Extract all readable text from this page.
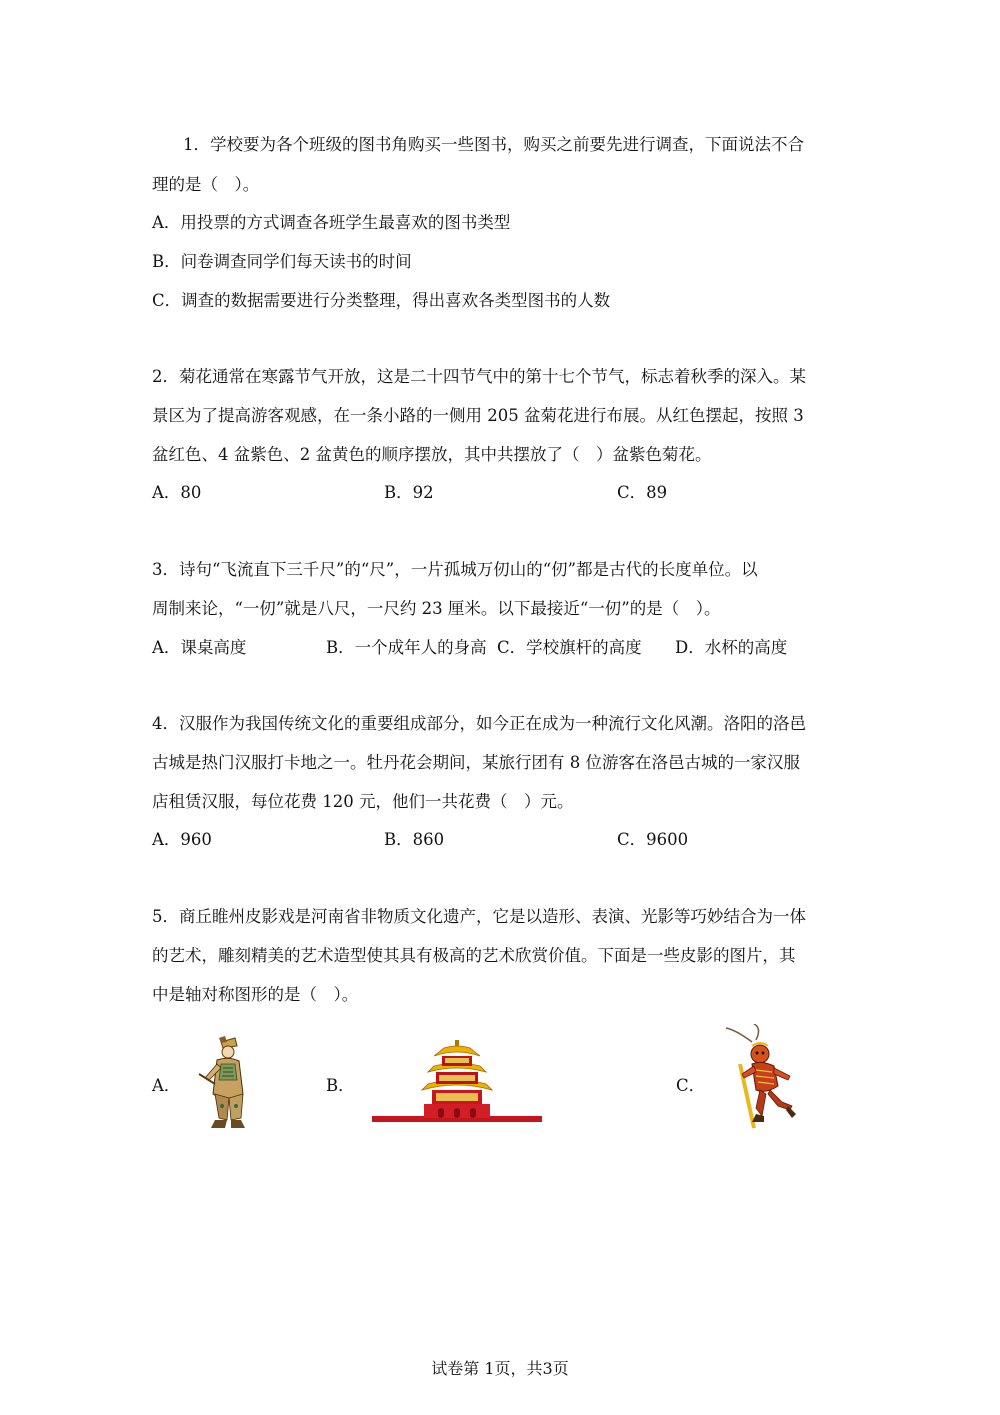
1．学校要为各个班级的图书角购买一些图书，购买之前要先进行调查，下面说法不合
理的是（　）。
A．用投票的方式调查各班学生最喜欢的图书类型
B．问卷调查同学们每天读书的时间
C．调查的数据需要进行分类整理，得出喜欢各类型图书的人数
2．菊花通常在寒露节气开放，这是二十四节气中的第十七个节气，标志着秋季的深入。某
景区为了提高游客观感，在一条小路的一侧用 205 盆菊花进行布展。从红色摆起，按照 3
盆红色、4 盆紫色、2 盆黄色的顺序摆放，其中共摆放了（　）盆紫色菊花。
A．80	B．92	C．89
3．诗句“飞流直下三千尺”的“尺”，一片孤城万仞山的“仞”都是古代的长度单位。以
周制来论，“一仞”就是八尺，一尺约 23 厘米。以下最接近“一仞”的是（　）。
A．课桌高度	B．一个成年人的身高 C．学校旗杆的高度 D．水杯的高度
4．汉服作为我国传统文化的重要组成部分，如今正在成为一种流行文化风潮。洛阳的洛邑
古城是热门汉服打卡地之一。牡丹花会期间，某旅行团有 8 位游客在洛邑古城的一家汉服
店租赁汉服，每位花费 120 元，他们一共花费（　）元。
A．960	B．860	C．9600
5．商丘睢州皮影戏是河南省非物质文化遗产，它是以造形、表演、光影等巧妙结合为一体
的艺术，雕刻精美的艺术造型使其具有极高的艺术欣赏价值。下面是一些皮影的图片，其
中是轴对称图形的是（　）。
A．	B．	C．
试卷第 1页，共3页
